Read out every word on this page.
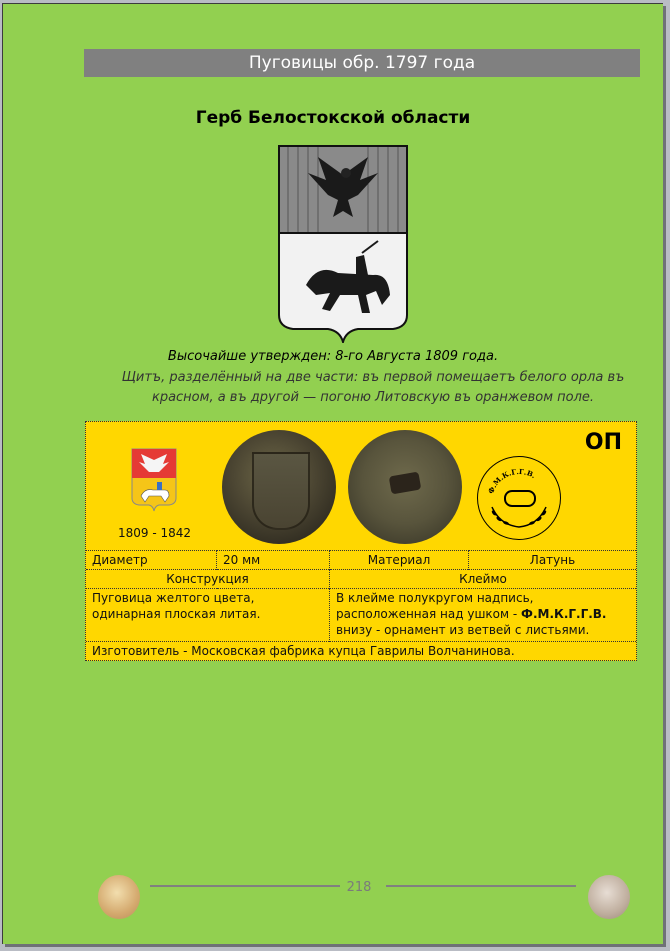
Пуговицы обр. 1797 года
Герб Белостокской области
Высочайше утвержден: 8-го Августа 1809 года.
Щитъ, разделённый на две части: въ первой помещаетъ белого орла въ красном, а въ другой — погоню Литовскую въ оранжевом поле.
1809 - 1842
Ф.М.К.Г.Г.В.
ОП
Диаметр	20 мм	Материал	Латунь
Конструкция		Клеймо	
Пуговица желтого цвета, одинарная плоская литая.		В клейме полукругом надпись, расположенная над ушком - Ф.М.К.Г.Г.В.
внизу - орнамент из ветвей с листьями.	
Изготовитель - Московская фабрика купца Гаврилы Волчанинова.			
218
